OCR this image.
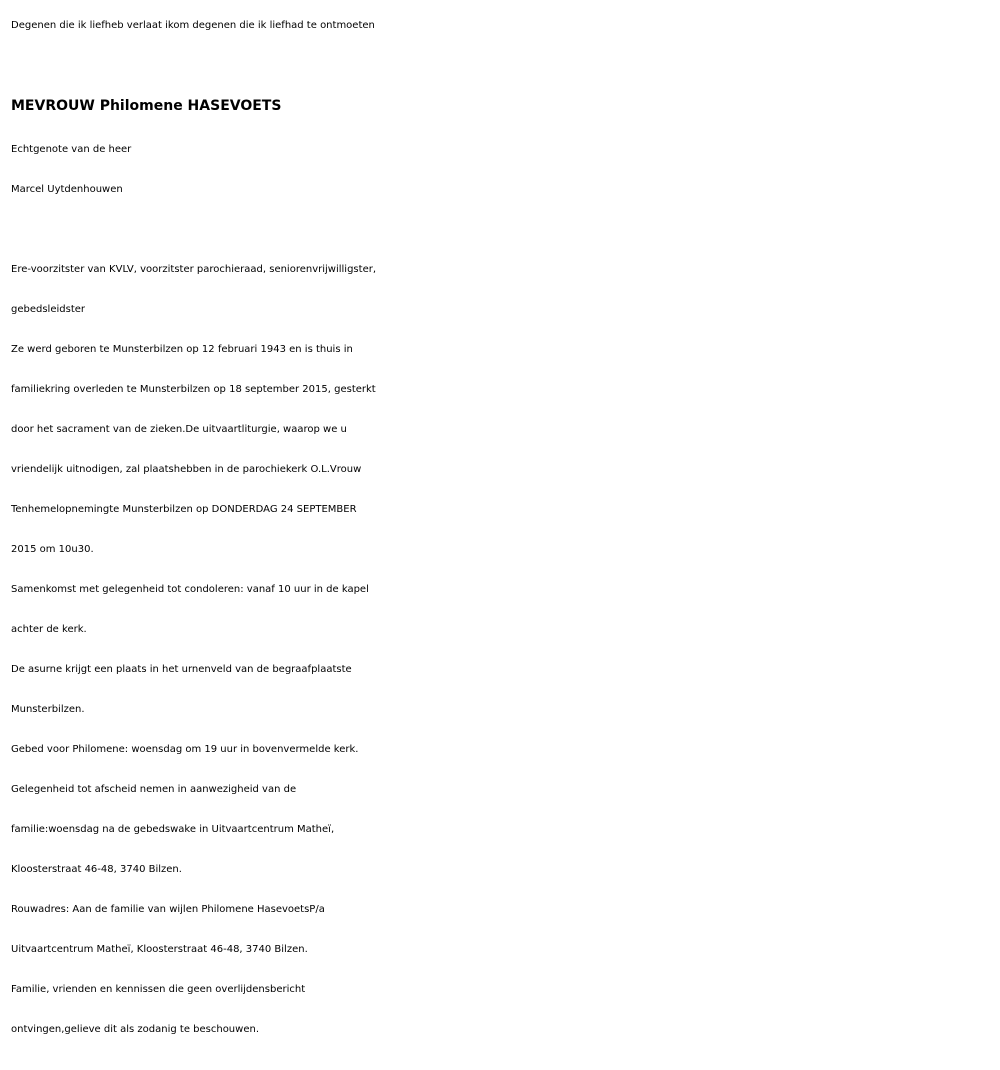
Degenen die ik liefheb verlaat ikom degenen die ik liefhad te ontmoeten
MEVROUW Philomene HASEVOETS
Echtgenote van de heer
Marcel Uytdenhouwen
Ere-voorzitster van KVLV, voorzitster parochieraad, seniorenvrijwilligster,
gebedsleidster
Ze werd geboren te Munsterbilzen op 12 februari 1943 en is thuis in
familiekring overleden te Munsterbilzen op 18 september 2015, gesterkt
door het sacrament van de zieken.De uitvaartliturgie, waarop we u
vriendelijk uitnodigen, zal plaatshebben in de parochiekerk O.L.Vrouw
Tenhemelopnemingte Munsterbilzen op DONDERDAG 24 SEPTEMBER
2015 om 10u30.
Samenkomst met gelegenheid tot condoleren: vanaf 10 uur in de kapel
achter de kerk.
De asurne krijgt een plaats in het urnenveld van de begraafplaatste
Munsterbilzen.
Gebed voor Philomene: woensdag om 19 uur in bovenvermelde kerk.
Gelegenheid tot afscheid nemen in aanwezigheid van de
familie:woensdag na de gebedswake in Uitvaartcentrum Matheï,
Kloosterstraat 46-48, 3740 Bilzen.
Rouwadres: Aan de familie van wijlen Philomene HasevoetsP/a
Uitvaartcentrum Matheï, Kloosterstraat 46-48, 3740 Bilzen.
Familie, vrienden en kennissen die geen overlijdensbericht
ontvingen,gelieve dit als zodanig te beschouwen.
